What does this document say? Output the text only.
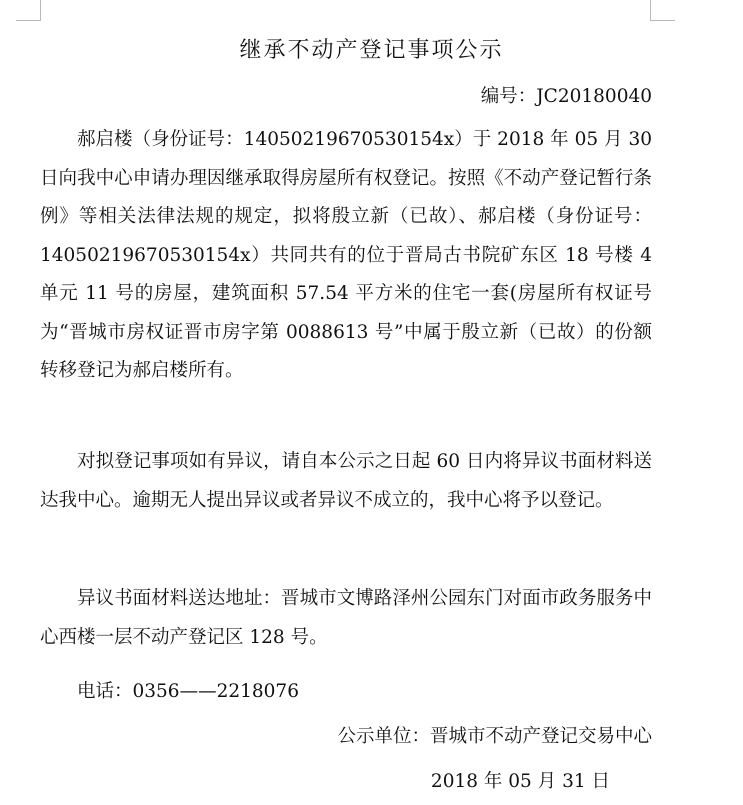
继承不动产登记事项公示
编号：JC20180040
郝启楼（身份证号：14050219670530154x）于 2018 年 05 月 30 日向我中心申请办理因继承取得房屋所有权登记。按照《不动产登记暂行条例》等相关法律法规的规定，拟将殷立新（已故）、郝启楼（身份证号：14050219670530154x）共同共有的位于晋局古书院矿东区 18 号楼 4 单元 11 号的房屋，建筑面积 57.54 平方米的住宅一套(房屋所有权证号为“晋城市房权证晋市房字第 0088613 号”中属于殷立新（已故）的份额转移登记为郝启楼所有。
对拟登记事项如有异议，请自本公示之日起 60 日内将异议书面材料送达我中心。逾期无人提出异议或者异议不成立的，我中心将予以登记。
异议书面材料送达地址：晋城市文博路泽州公园东门对面市政务服务中心西楼一层不动产登记区 128 号。
电话：0356——2218076
公示单位：晋城市不动产登记交易中心
2018 年 05 月 31 日
